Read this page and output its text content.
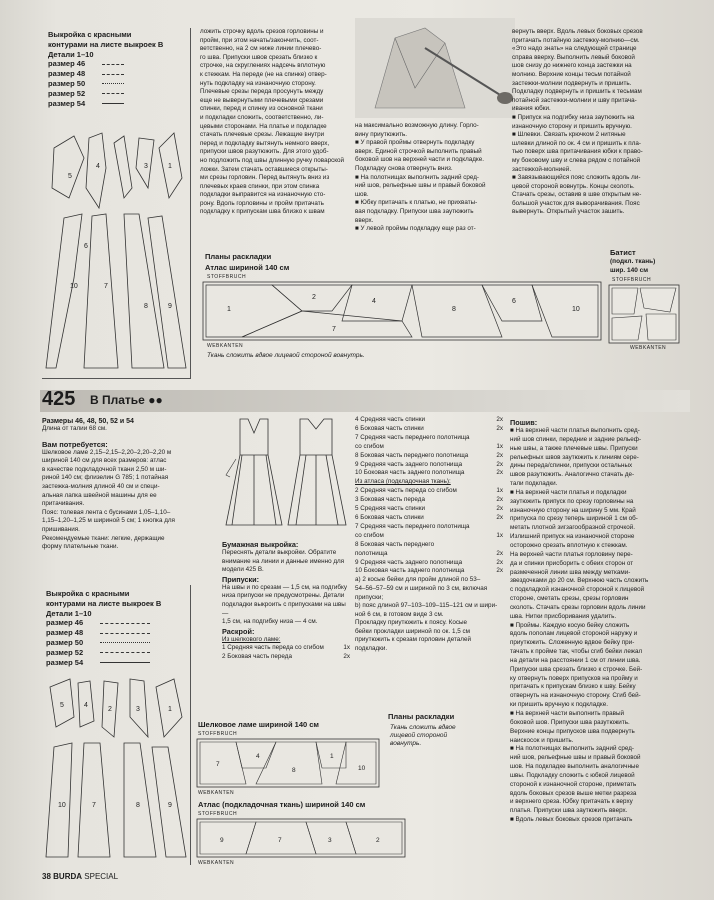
Выкройка с красными
контурами на листе выкроек В
Детали 1–10
размер 46
размер 48
размер 50
размер 52
размер 54
5
4	3	1
7
10
8	9
6

ложить строчку вдоль срезов горловины и

пройм, при этом начать/закончить, соот-

ветственно, на 2 см ниже линии плечево-

го шва. Припуски швов срезать близко к

строчке, на скруглениях надсечь вплотную

к стежкам. На переде (не на спинке) отвер-

нуть подкладку на изнаночную сторону.

Плечевые срезы переда просунуть между

еще не вывернутыми плечевыми срезами

спинки, перед и спинку из основной ткани

и подкладки сложить, соответственно, ли-

цевыми сторонами. На платье и подкладке

стачать плечевые срезы. Лежащие внутри

перед и подкладку вытянуть немного вверх,

припуски швов разутюжить. Для этого удоб-

но подложить под швы длинную ручку поварской

ложки. Затем стачать оставшиеся открыты-

ми срезы горловин. Перед вытянуть вниз из

плечевых краев спинки, при этом спинка

подкладки выправится на изнаночную сто-

рону. Вдоль горловины и пройм притачать

подкладку к припускам шва близко к швам

на максимально возможную длину. Горло-

вину приутюжить.

■ У правой проймы отвернуть подкладку

вверх. Единой строчкой выполнить правый

боковой шов на верхней части и подкладке.

Подкладку снова отвернуть вниз.

■ На полотнищах выполнить задний сред-

ний шов, рельефные швы и правый боковой

шов.

■ Юбку притачать к платью, не прихваты-

вая подкладку. Припуски шва заутюжить

вверх.

■ У левой проймы подкладку еще раз от-

вернуть вверх. Вдоль левых боковых срезов

притачать потайную застежку-молнию—см.

«Это надо знать» на следующей странице

справа вверху. Выполнить левый боковой

шов снизу до нижнего конца застежки на

молнию. Верхние концы тесьм потайной

застежки-молнии подвернуть и пришить.

Подкладку подвернуть и пришить к тесьмам

потайной застежки-молнии и шву притача-

ивания юбки.

■ Припуск на подгибку низа заутюжить на

изнаночную сторону и пришить вручную.

■ Шлевки. Связать крючком 2 нитяные

шлевки длиной по ок. 4 см и пришить к пла-

тью поверх шва притачивания юбки к право-

му боковому шву и слева рядом с потайной

застежкой-молнией.

■ Завязывающийся пояс сложить вдоль ли-

цевой стороной вовнутрь. Концы сколоть.

Стачать срезы, оставив в шве открытым не-

большой участок для выворачивания. Пояс

вывернуть. Открытый участок зашить.

Планы раскладки
Атлас шириной 140 см
STOFFBRUCH
1
2
4
8
6
10
7
WEBKANTEN
Ткань сложить вдвое лицевой стороной вовнутрь.
Батист
(подкл. ткань)
шир. 140 см
STOFFBRUCH
WEBKANTEN
425 В Платье ●●
Размеры 46, 48, 50, 52 и 54
Длина от талии 68 см.
Вам потребуется:

Шелковое ламе 2,15–2,15–2,20–2,20–2,20 м

шириной 140 см для всех размеров: атлас

в качестве подкладочной ткани 2,50 м ши-

риной 140 см; флизелин G 785; 1 потайная

застежка-молния длиной 40 см и специ-

альная лапка швейной машины для ее

притачивания.

Пояс: толевая лента с бусинами 1,05–1,10–

1,15–1,20–1,25 м шириной 5 см; 1 кнопка для

пришивания.

Рекомендуемые ткани: легкие, держащие

форму плательные ткани.	Бумажная выкройка:

Переснять детали выкройки. Обратите

внимание на линии и данные именно для

модели 425 В.

Припуски:

На швы и по срезам — 1,5 см, на подгибку

низа припуски не предусмотрены. Детали

подкладки выкроить с припусками на швы—

1,5 см, на подгибку низа — 4 см.

Раскрой:
Из шелкового ламе:
1 Средняя часть переда со сгибом	1х
2 Боковая часть переда	2х
Выкройка с красными
контурами на листе выкроек В
Детали 1–10
размер 46
размер 48
размер 50
размер 52
размер 54
5	4
2	3	1
10	7	8	9
4 Средняя часть спинки	2х
6 Боковая часть спинки	2х
7 Средняя часть переднего полотнища
со сгибом	1х
8 Боковая часть переднего полотнища	2х
9 Средняя часть заднего полотнища	2х
10 Боковая часть заднего полотнища	2х
Из атласа (подкладочная ткань):
2 Средняя часть переда со сгибом	1х
3 Боковая часть переда	2х
5 Средняя часть спинки	2х
6 Боковая часть спинки	2х
7 Средняя часть переднего полотнища
со сгибом	1х
8 Боковая часть переднего
полотнища	2х
9 Средняя часть заднего полотнища	2х
10 Боковая часть заднего полотнища	2х

а) 2 косые бейки для пройм длиной по 53–

54–56–57–59 см и шириной по 3 см, включая

припуски;

b) пояс длиной 97–103–109–115–121 см и шири-

ной 6 см, в готовом виде 3 см.

Прокладку приутюжить к поясу. Косые

бейки прокладки шириной по ок. 1,5 см

приутюжить к срезам горловин деталей

подкладки.

Пошив:

■ На верхней части платья выполнить сред-

ний шов спинки, передние и задние рельеф-

ные швы, а также плечевые швы. Припуски

рельефных швов заутюжить к линиям сере-

дины переда/спинки, припуски остальных

швов разутюжить. Аналогично стачать де-

тали подкладки.

■ На верхней части платья и подкладки

заутюжить припуск по срезу горловины на

изнаночную сторону на ширину 5 мм. Край

припуска по срезу теперь шириной 1 см об-

метать плотной зигзагообразной строчкой.

Излишний припуск на изнаночной стороне

осторожно срезать вплотную к стежкам.

На верхней части платья горловину пере-

да и спинки присборить с обеих сторон от

размеченной линии шва между метками-

звездочками до 20 см. Верхнюю часть сложить

с подкладкой изнаночной стороной к лицевой

стороне, сметать срезы, срезы горловин

сколоть. Стачать срезы горловин вдоль линии

шва. Нитки присборивания удалить.

■ Проймы. Каждую косую бейку сложить

вдоль пополам лицевой стороной наружу и

приутюжить. Сложенную вдвое бейку при-

тачать к пройме так, чтобы сгиб бейки лежал

на детали на расстоянии 1 см от линии шва.

Припуски шва срезать близко к строчке. Бей-

ку отвернуть поверх припусков на пройму и

притачать к припускам близко к шву. Бейку

отвернуть на изнаночную сторону. Сгиб бей-

ки пришить вручную к подкладке.

■ На верхней части выполнить правый

боковой шов. Припуски шва разутюжить.

Верхние концы припусков шва подвернуть

наискосок и пришить.

■ На полотнищах выполнить задний сред-

ний шов, рельефные швы и правый боковой

шов. На подкладке выполнить аналогичные

швы. Подкладку сложить с юбкой лицевой

стороной к изнаночной стороне, приметать

вдоль боковых срезов выше метки разреза

и верхнего среза. Юбку притачать к верху

платья. Припуски шва заутюжить вверх.

■ Вдоль левых боковых срезов притачать

Шелковое ламе шириной 140 см
STOFFBRUCH
7
4
8
1
10
WEBKANTEN
Атлас (подкладочная ткань) шириной 140 см
STOFFBRUCH
9	7	3	2
WEBKANTEN
Планы раскладки
Ткань сложить вдвое
лицевой стороной
вовнутрь.
38 BURDA SPECIAL
